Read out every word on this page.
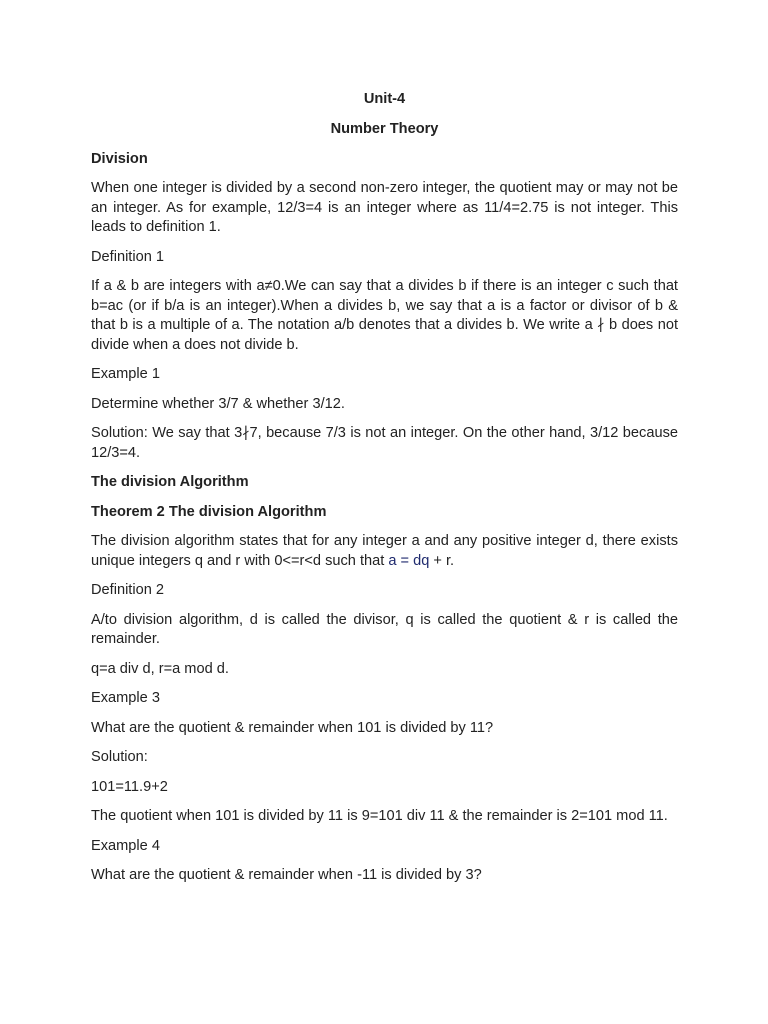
Unit-4

Number Theory

Division

When one integer is divided by a second non-zero integer, the quotient may or may not be an integer. As for example, 12/3=4 is an integer where as 11/4=2.75 is not integer. This leads to definition 1.

Definition 1

If a & b are integers with a≠0.We can say that a divides b if there is an integer c such that b=ac (or if b/a is an integer).When a divides b, we say that a is a factor or divisor of b & that b is a multiple of a. The notation a/b denotes that a divides b. We write a ∤ b does not divide when a does not divide b.

Example 1

Determine whether 3/7 & whether 3/12.

Solution: We say that 3∤7, because 7/3 is not an integer. On the other hand, 3/12 because 12/3=4.

The division Algorithm

Theorem 2 The division Algorithm

The division algorithm states that for any integer a and any positive integer d, there exists unique integers q and r with 0<=r<d such that a = dq + r.

Definition 2

A/to division algorithm, d is called the divisor, q is called the quotient & r is called the remainder.

q=a div d, r=a mod d.

Example 3

What are the quotient & remainder when 101 is divided by 11?

Solution:

101=11.9+2

The quotient when 101 is divided by 11 is 9=101 div 11 & the remainder is 2=101 mod 11.

Example 4

What are the quotient & remainder when -11 is divided by 3?
